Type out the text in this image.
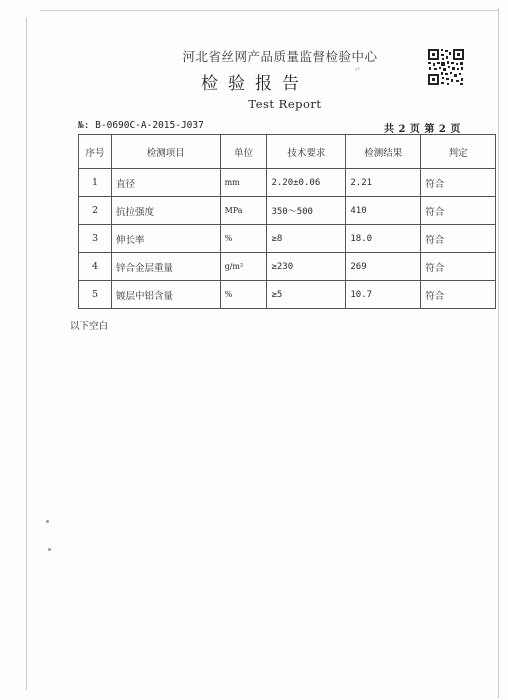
河北省丝网产品质量监督检验中心
检验报告
Test Report
,,
№: B-0690C-A-2015-J037	共 2 页 第 2 页
序号	检测项目	单位	技术要求	检测结果	判定
1	直径	mm	2.20±0.06	2.21	符合
2	抗拉强度	MPa	350～500	410	符合
3	伸长率	%	≥8	18.0	符合
4	锌合金层重量	g/m²	≥230	269	符合
5	镀层中铝含量	%	≥5	10.7	符合
以下空白
